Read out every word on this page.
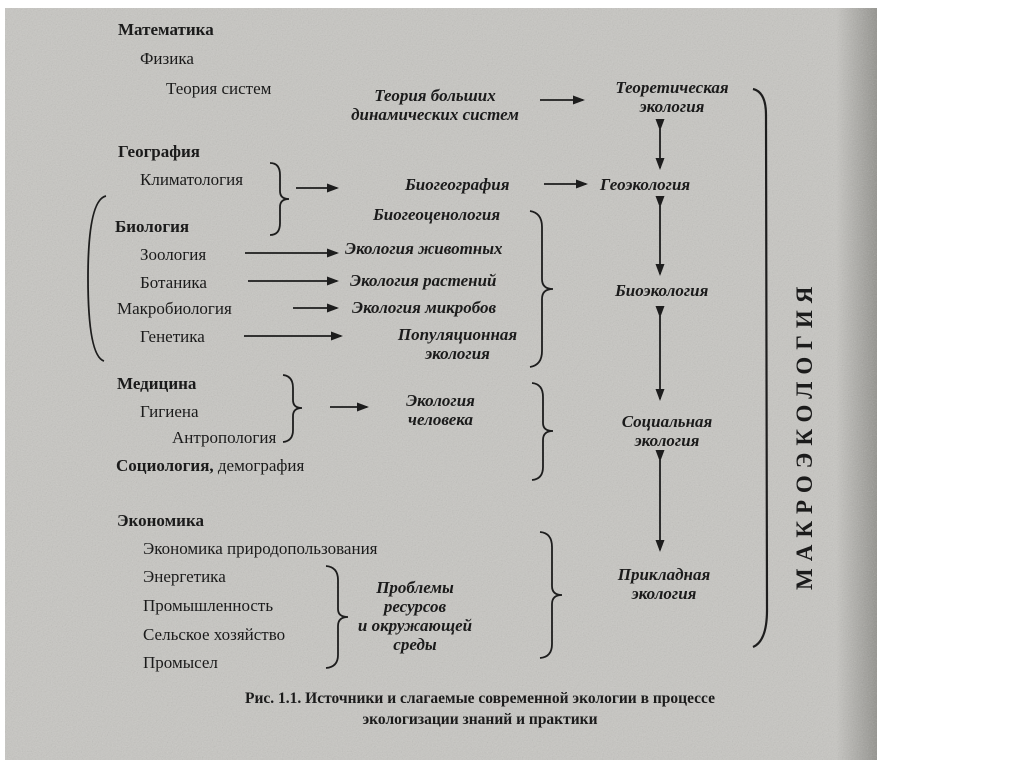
Математика
Физика
Теория систем
География
Климатология
Биология
Зоология
Ботаника
Макробиология
Генетика
Медицина
Гигиена
Антропология
Социология, демография
Экономика
Экономика природопользования
Энергетика
Промышленность
Сельское хозяйство
Промысел
Теория больших
динамических систем
Биогеография
Биогеоценология
Экология животных
Экология растений
Экология микробов
Популяционная
экология
Экология
человека
Проблемы
ресурсов
и окружающей
среды
Теоретическая
экология
Геоэкология
Биоэкология
Социальная
экология
Прикладная
экология
МАКРОЭКОЛОГИЯ
Рис. 1.1. Источники и слагаемые современной экологии в процессе
экологизации знаний и практики
